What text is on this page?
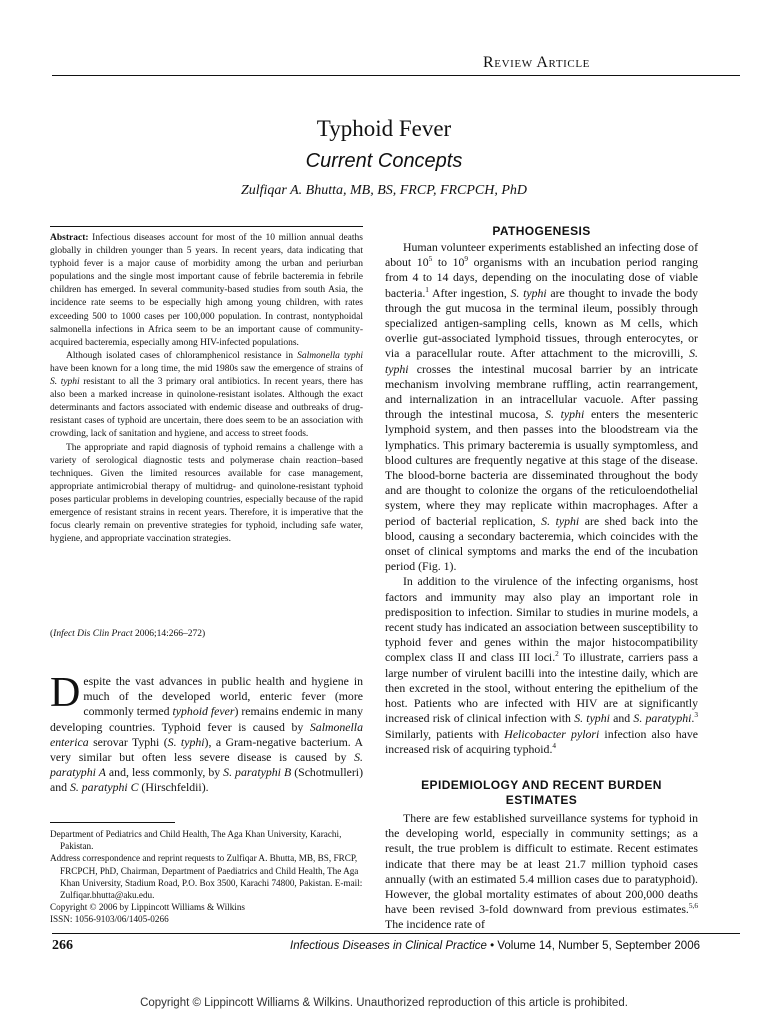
Review Article
Typhoid Fever
Current Concepts
Zulfiqar A. Bhutta, MB, BS, FRCP, FRCPCH, PhD

Abstract: Infectious diseases account for most of the 10 million annual deaths globally in children younger than 5 years. In recent years, data indicating that typhoid fever is a major cause of morbidity among the urban and periurban populations and the single most important cause of febrile bacteremia in febrile children has emerged. In several community-based studies from south Asia, the incidence rate seems to be especially high among young children, with rates exceeding 500 to 1000 cases per 100,000 population. In contrast, nontyphoidal salmonella infections in Africa seem to be an important cause of community-acquired bacteremia, especially among HIV-infected populations.

Although isolated cases of chloramphenicol resistance in Salmonella typhi have been known for a long time, the mid 1980s saw the emergence of strains of S. typhi resistant to all the 3 primary oral antibiotics. In recent years, there has also been a marked increase in quinolone-resistant isolates. Although the exact determinants and factors associated with endemic disease and outbreaks of drug-resistant cases of typhoid are uncertain, there does seem to be an association with crowding, lack of sanitation and hygiene, and access to street foods.

The appropriate and rapid diagnosis of typhoid remains a challenge with a variety of serological diagnostic tests and polymerase chain reaction–based techniques. Given the limited resources available for case management, appropriate antimicrobial therapy of multidrug- and quinolone-resistant typhoid poses particular problems in developing countries, especially because of the rapid emergence of resistant strains in recent years. Therefore, it is imperative that the focus clearly remain on preventive strategies for typhoid, including safe water, hygiene, and appropriate vaccination strategies.

(Infect Dis Clin Pract 2006;14:266–272)
Despite the vast advances in public health and hygiene in much of the developed world, enteric fever (more commonly termed typhoid fever) remains endemic in many developing countries. Typhoid fever is caused by Salmonella enterica serovar Typhi (S. typhi), a Gram-negative bacterium. A very similar but often less severe disease is caused by S. paratyphi A and, less commonly, by S. paratyphi B (Schotmulleri) and S. paratyphi C (Hirschfeldii).
Department of Pediatrics and Child Health, The Aga Khan University, Karachi, Pakistan.
Address correspondence and reprint requests to Zulfiqar A. Bhutta, MB, BS, FRCP, FRCPCH, PhD, Chairman, Department of Paediatrics and Child Health, The Aga Khan University, Stadium Road, P.O. Box 3500, Karachi 74800, Pakistan. E-mail: Zulfiqar.bhutta@aku.edu.
Copyright © 2006 by Lippincott Williams & Wilkins
ISSN: 1056-9103/06/1405-0266
PATHOGENESIS

Human volunteer experiments established an infecting dose of about $10^5$ to $10^9$ organisms with an incubation period ranging from 4 to 14 days, depending on the inoculating dose of viable bacteria.$^1$ After ingestion, S. typhi are thought to invade the body through the gut mucosa in the terminal ileum, possibly through specialized antigen-sampling cells, known as M cells, which overlie gut-associated lymphoid tissues, through enterocytes, or via a paracellular route. After attachment to the microvilli, S. typhi crosses the intestinal mucosal barrier by an intricate mechanism involving membrane ruffling, actin rearrangement, and internalization in an intracellular vacuole. After passing through the intestinal mucosa, S. typhi enters the mesenteric lymphoid system, and then passes into the bloodstream via the lymphatics. This primary bacteremia is usually symptomless, and blood cultures are frequently negative at this stage of the disease. The blood-borne bacteria are disseminated throughout the body and are thought to colonize the organs of the reticuloendothelial system, where they may replicate within macrophages. After a period of bacterial replication, S. typhi are shed back into the blood, causing a secondary bacteremia, which coincides with the onset of clinical symptoms and marks the end of the incubation period (Fig. 1).

In addition to the virulence of the infecting organisms, host factors and immunity may also play an important role in predisposition to infection. Similar to studies in murine models, a recent study has indicated an association between susceptibility to typhoid fever and genes within the major histocompatibility complex class II and class III loci.$^2$ To illustrate, carriers pass a large number of virulent bacilli into the intestine daily, which are then excreted in the stool, without entering the epithelium of the host. Patients who are infected with HIV are at significantly increased risk of clinical infection with S. typhi and S. paratyphi.$^3$ Similarly, patients with Helicobacter pylori infection also have increased risk of acquiring typhoid.$^4$

EPIDEMIOLOGY AND RECENT BURDEN ESTIMATES

There are few established surveillance systems for typhoid in the developing world, especially in community settings; as a result, the true problem is difficult to estimate. Recent estimates indicate that there may be at least 21.7 million typhoid cases annually (with an estimated 5.4 million cases due to paratyphoid). However, the global mortality estimates of about 200,000 deaths have been revised 3-fold downward from previous estimates.$^{5,6}$ The incidence rate of

266	Infectious Diseases in Clinical Practice • Volume 14, Number 5, September 2006
Copyright © Lippincott Williams & Wilkins. Unauthorized reproduction of this article is prohibited.
